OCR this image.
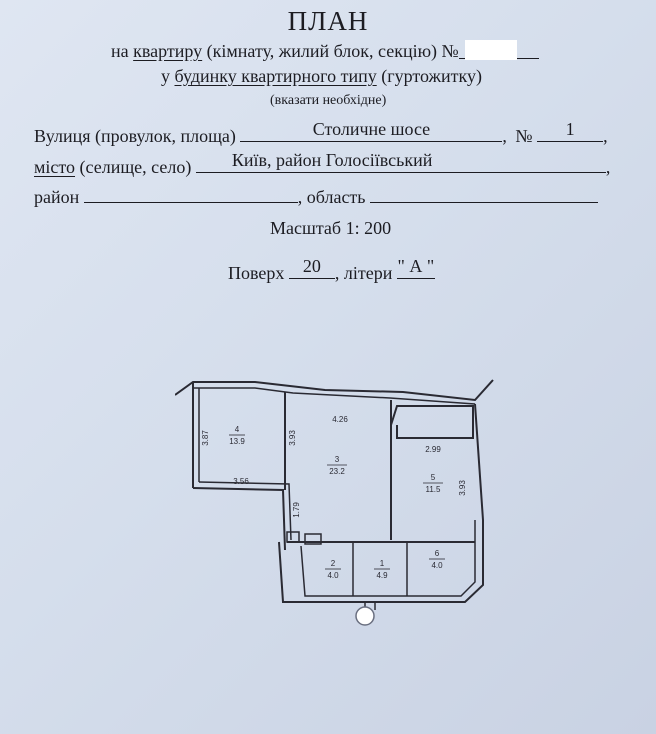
ПЛАН
на квартиру (кімнату, жилий блок, секцію) №
у будинку квартирного типу (гуртожитку)
(вказати необхідне)
Вулиця (провулок, площа)	Столичне шосе	, №	1	,
місто (селище, село) Київ, район Голосіївський	,
район	, область
Масштаб 1: 200
Поверх	20 , літери " А "
4
13.9
3
23.2
5
11.5
2
4.0
1
4.9
6
4.0
3.87	3.93
4.26
3.56
1.79
2.99
3.93
